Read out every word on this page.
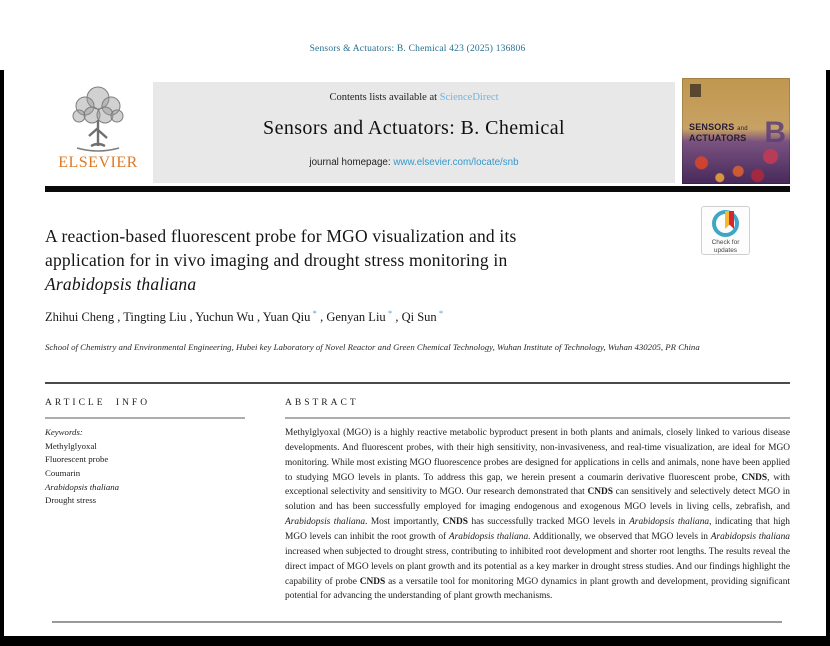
Sensors & Actuators: B. Chemical 423 (2025) 136806
ELSEVIER
Contents lists available at ScienceDirect
Sensors and Actuators: B. Chemical
journal homepage: www.elsevier.com/locate/snb
SENSORS and
ACTUATORS B
Check for
updates
A reaction-based fluorescent probe for MGO visualization and its
application for in vivo imaging and drought stress monitoring in
Arabidopsis thaliana
Zhihui Cheng , Tingting Liu , Yuchun Wu , Yuan Qiu * , Genyan Liu * , Qi Sun *
School of Chemistry and Environmental Engineering, Hubei key Laboratory of Novel Reactor and Green Chemical Technology, Wuhan Institute of Technology, Wuhan 430205, PR China
ARTICLE INFO
Keywords:
Methylglyoxal
Fluorescent probe
Coumarin
Arabidopsis thaliana
Drought stress
ABSTRACT

Methylglyoxal (MGO) is a highly reactive metabolic byproduct present in both plants and animals, closely linked to various disease developments. And fluorescent probes, with their high sensitivity, non-invasiveness, and real-time visualization, are ideal for MGO monitoring. While most existing MGO fluorescence probes are designed for applications in cells and animals, none have been applied to studying MGO levels in plants. To address this gap, we herein present a coumarin derivative fluorescent probe, CNDS, with exceptional selectivity and sensitivity to MGO. Our research demonstrated that CNDS can sensitively and selectively detect MGO in solution and has been successfully employed for imaging endogenous and exogenous MGO levels in living cells, zebrafish, and Arabidopsis thaliana. Most importantly, CNDS has successfully tracked MGO levels in Arabidopsis thaliana, indicating that high MGO levels can inhibit the root growth of Arabidopsis thaliana. Additionally, we observed that MGO levels in Arabidopsis thaliana increased when subjected to drought stress, contributing to inhibited root development and shorter root lengths. The results reveal the direct impact of MGO levels on plant growth and its potential as a key marker in drought stress studies. And our findings highlight the capability of probe CNDS as a versatile tool for monitoring MGO dynamics in plant growth and development, providing significant potential for advancing the understanding of plant growth mechanisms.
